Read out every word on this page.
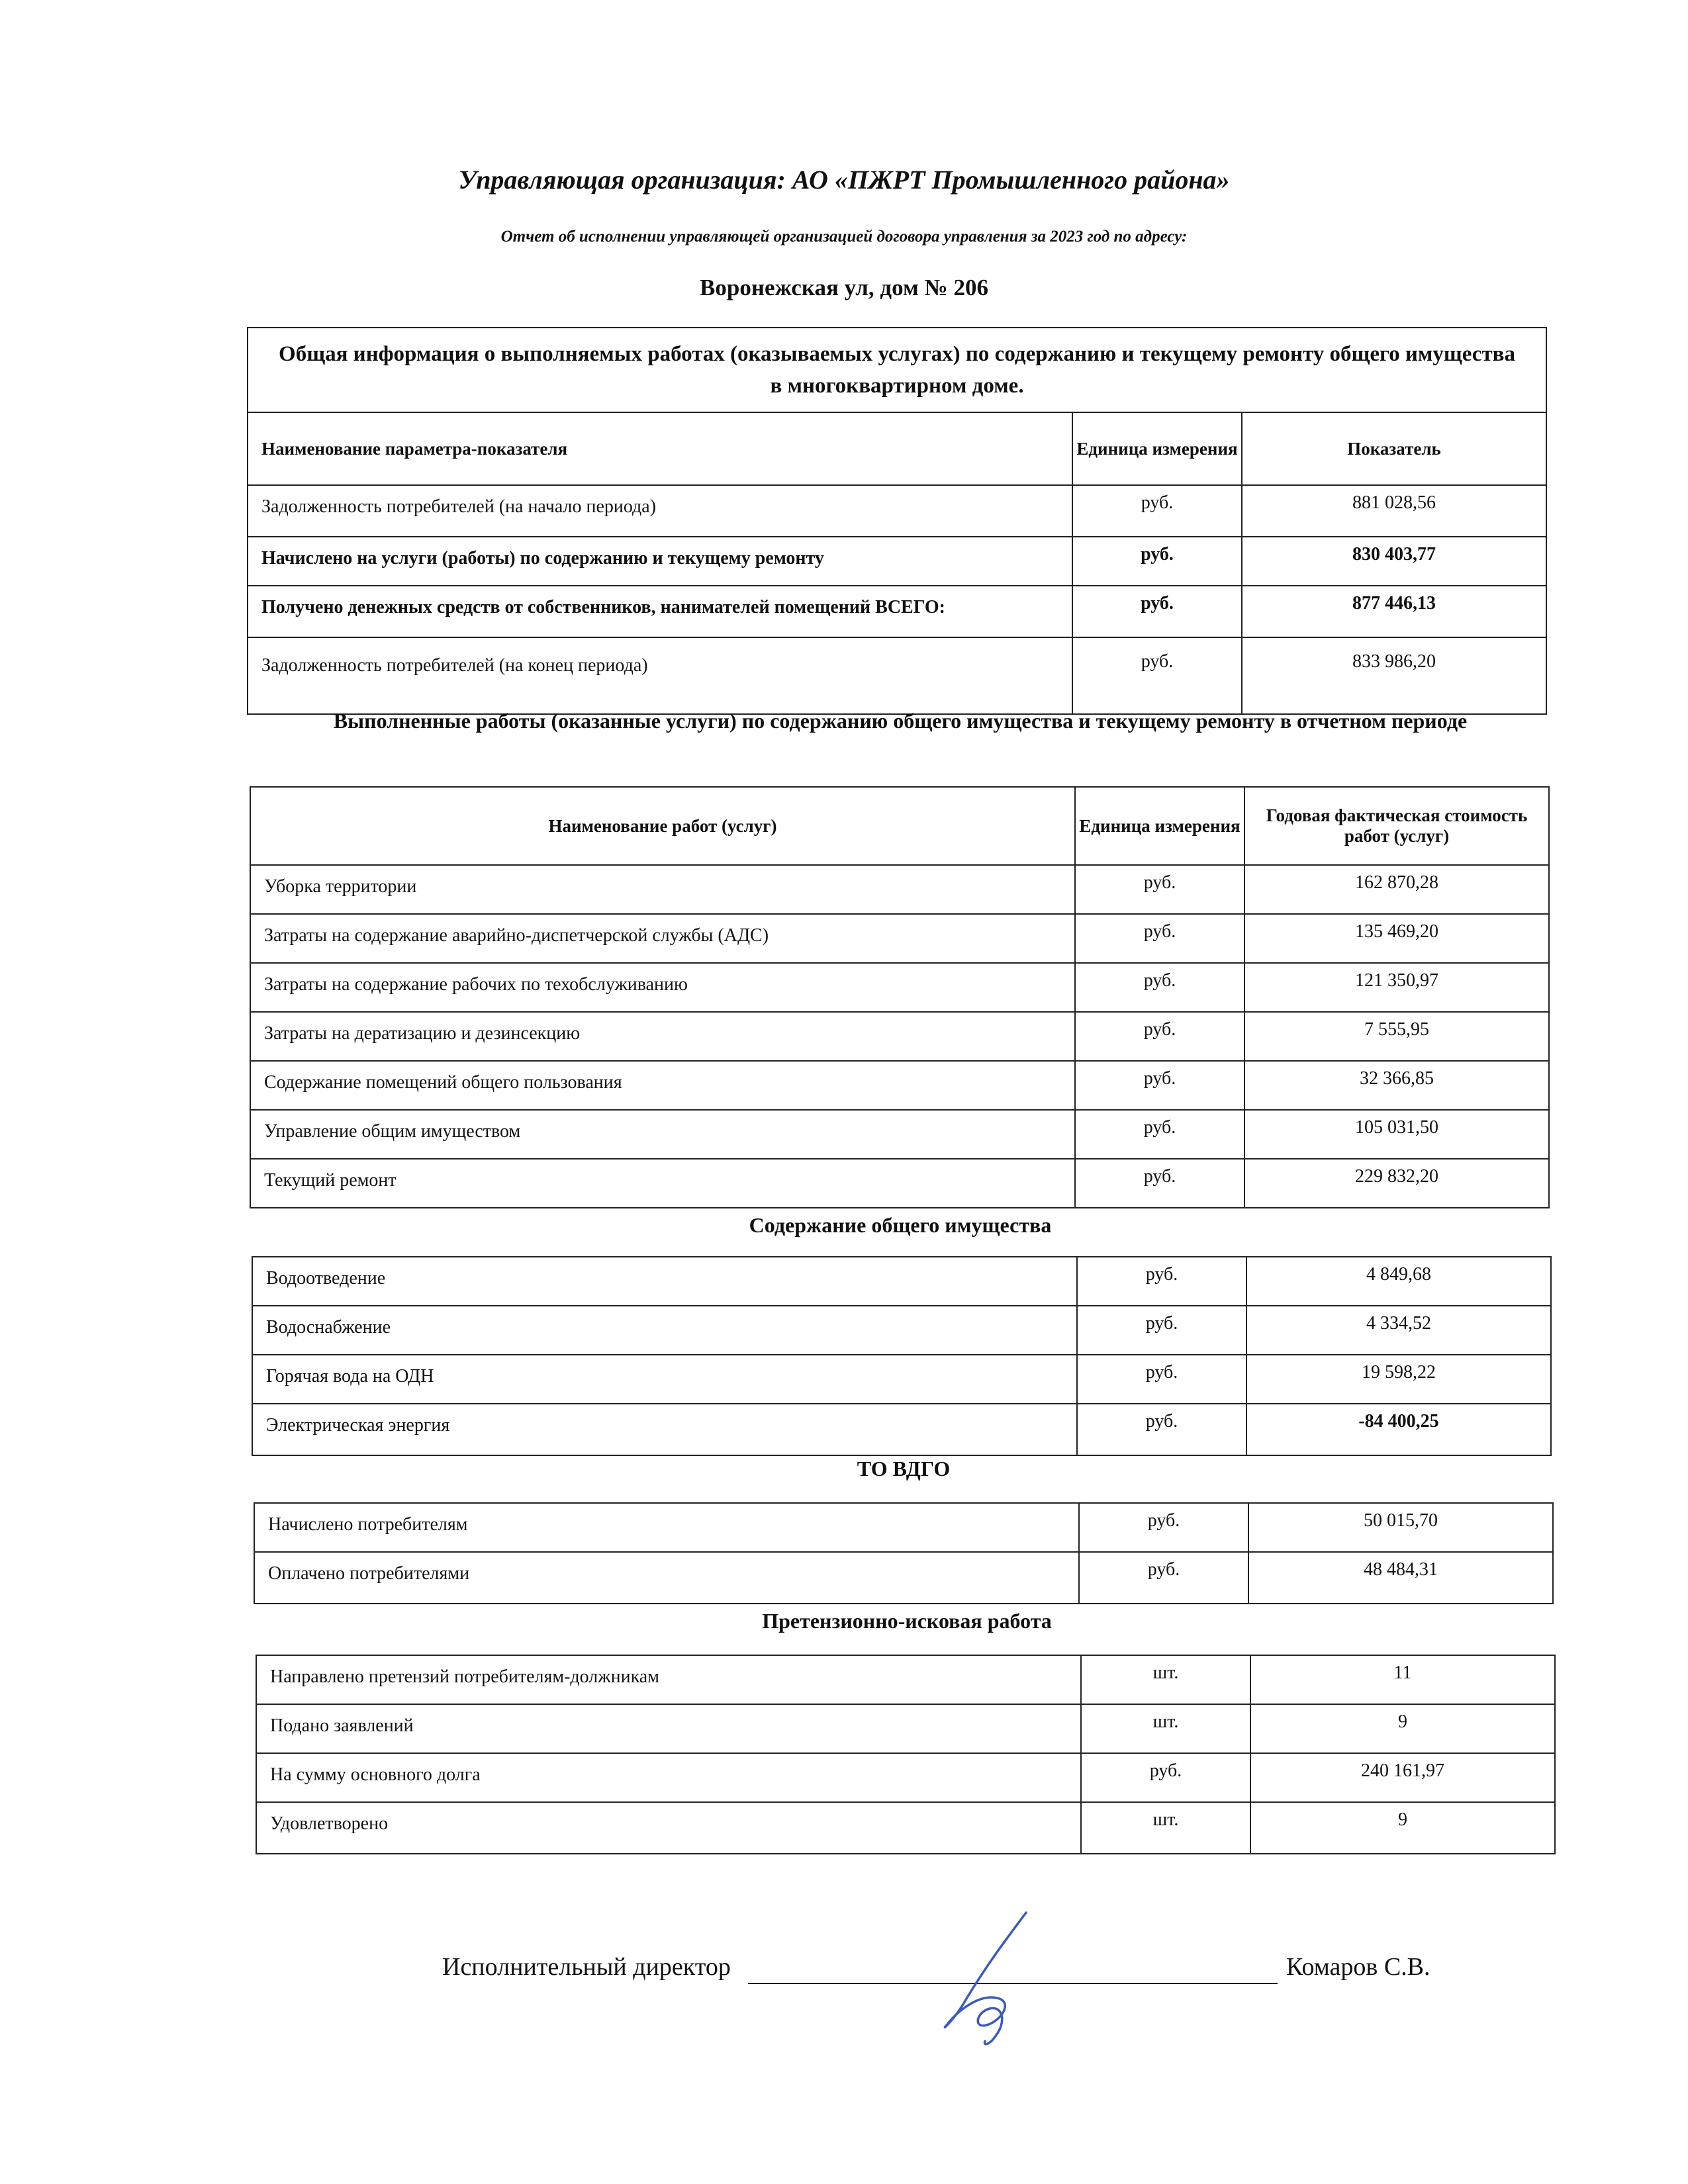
Управляющая организация: АО «ПЖРТ Промышленного района»
Отчет об исполнении управляющей организацией договора управления за 2023 год по адресу:
Воронежская ул, дом № 206
Общая информация о выполняемых работах (оказываемых услугах) по содержанию и текущему ремонту общего имущества в многоквартирном доме.		
Наименование параметра-показателя	Единица измерения	Показатель
Задолженность потребителей (на начало периода)	руб.	881 028,56
Начислено на услуги (работы) по содержанию и текущему ремонту	руб.	830 403,77
Получено денежных средств от собственников, нанимателей помещений ВСЕГО:	руб.	877 446,13
Задолженность потребителей (на конец периода)	руб.	833 986,20
Выполненные работы (оказанные услуги) по содержанию общего имущества и текущему ремонту в отчетном периоде
Наименование работ (услуг)	Единица измерения	Годовая фактическая стоимость работ (услуг)
Уборка территории	руб.	162 870,28
Затраты на содержание аварийно-диспетчерской службы (АДС)	руб.	135 469,20
Затраты на содержание рабочих по техобслуживанию	руб.	121 350,97
Затраты на дератизацию и дезинсекцию	руб.	7 555,95
Содержание помещений общего пользования	руб.	32 366,85
Управление общим имуществом	руб.	105 031,50
Текущий ремонт	руб.	229 832,20
Содержание общего имущества
Водоотведение	руб.	4 849,68
Водоснабжение	руб.	4 334,52
Горячая вода на ОДН	руб.	19 598,22
Электрическая энергия	руб.	-84 400,25
ТО ВДГО
Начислено потребителям	руб.	50 015,70
Оплачено потребителями	руб.	48 484,31
Претензионно-исковая работа
Направлено претензий потребителям-должникам	шт.	11
Подано заявлений	шт.	9
На сумму основного долга	руб.	240 161,97
Удовлетворено	шт.	9
Исполнительный директор	Комаров С.В.
